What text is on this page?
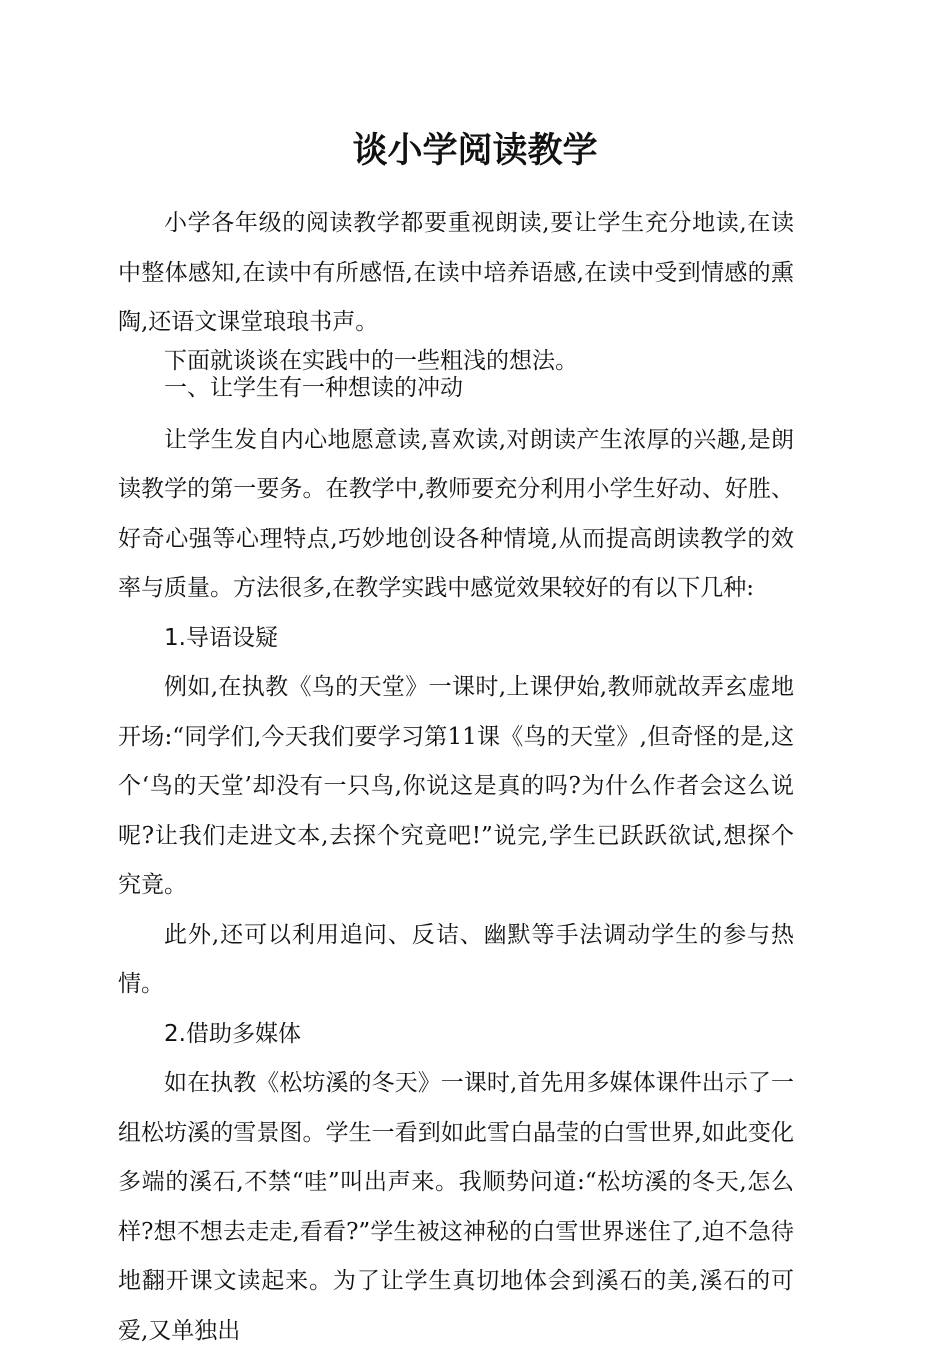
谈小学阅读教学

小学各年级的阅读教学都要重视朗读,要让学生充分地读,在读中整体感知,在读中有所感悟,在读中培养语感,在读中受到情感的熏陶,还语文课堂琅琅书声。

下面就谈谈在实践中的一些粗浅的想法。

一、让学生有一种想读的冲动

让学生发自内心地愿意读,喜欢读,对朗读产生浓厚的兴趣,是朗读教学的第一要务。在教学中,教师要充分利用小学生好动、好胜、好奇心强等心理特点,巧妙地创设各种情境,从而提高朗读教学的效率与质量。方法很多,在教学实践中感觉效果较好的有以下几种:

1.导语设疑

例如,在执教《鸟的天堂》一课时,上课伊始,教师就故弄玄虚地开场:“同学们,今天我们要学习第11课《鸟的天堂》,但奇怪的是,这个‘鸟的天堂’却没有一只鸟,你说这是真的吗?为什么作者会这么说呢?让我们走进文本,去探个究竟吧!”说完,学生已跃跃欲试,想探个究竟。

此外,还可以利用追问、反诘、幽默等手法调动学生的参与热情。

2.借助多媒体

如在执教《松坊溪的冬天》一课时,首先用多媒体课件出示了一组松坊溪的雪景图。学生一看到如此雪白晶莹的白雪世界,如此变化多端的溪石,不禁“哇”叫出声来。我顺势问道:“松坊溪的冬天,怎么样?想不想去走走,看看?”学生被这神秘的白雪世界迷住了,迫不急待地翻开课文读起来。为了让学生真切地体会到溪石的美,溪石的可爱,又单独出
